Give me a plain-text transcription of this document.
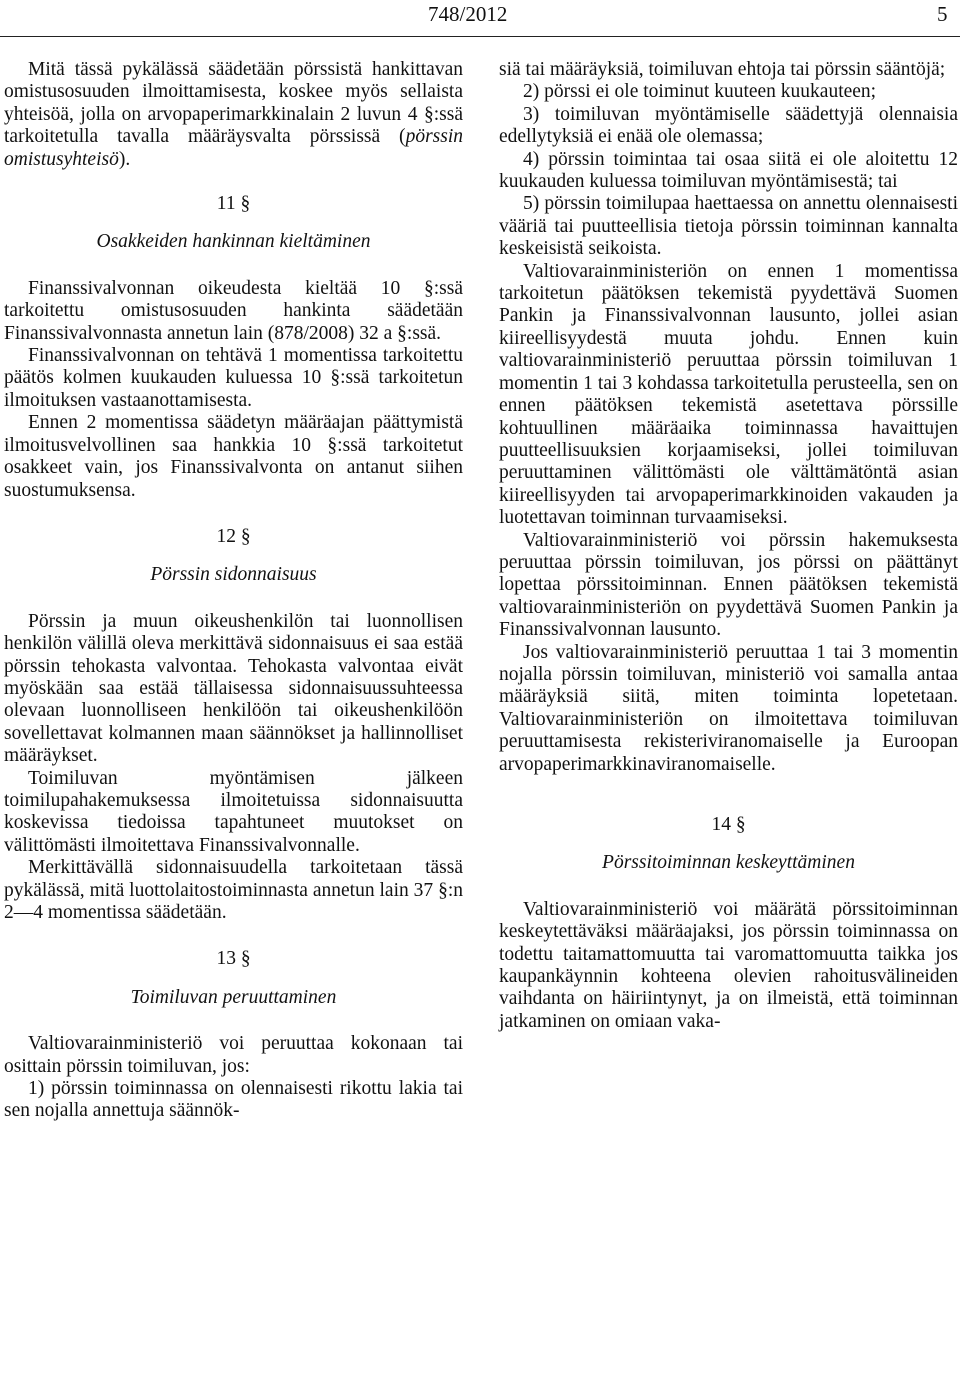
748/2012	5

Mitä tässä pykälässä säädetään pörssistä hankittavan omistusosuuden ilmoittamisesta, koskee myös sellaista yhteisöä, jolla on arvopaperimarkkinalain 2 luvun 4 §:ssä tarkoitetulla tavalla määräysvalta pörssissä (pörssin omistusyhteisö).

11 §
Osakkeiden hankinnan kieltäminen

Finanssivalvonnan oikeudesta kieltää 10 §:ssä tarkoitettu omistusosuuden hankinta säädetään Finanssivalvonnasta annetun lain (878/2008) 32 a §:ssä.

Finanssivalvonnan on tehtävä 1 momentissa tarkoitettu päätös kolmen kuukauden kuluessa 10 §:ssä tarkoitetun ilmoituksen vastaanottamisesta.

Ennen 2 momentissa säädetyn määräajan päättymistä ilmoitusvelvollinen saa hankkia 10 §:ssä tarkoitetut osakkeet vain, jos Finanssivalvonta on antanut siihen suostumuksensa.

12 §
Pörssin sidonnaisuus

Pörssin ja muun oikeushenkilön tai luonnollisen henkilön välillä oleva merkittävä sidonnaisuus ei saa estää pörssin tehokasta valvontaa. Tehokasta valvontaa eivät myöskään saa estää tällaisessa sidonnaisuussuhteessa olevaan luonnolliseen henkilöön tai oikeushenkilöön sovellettavat kolmannen maan säännökset ja hallinnolliset määräykset.

Toimiluvan myöntämisen jälkeen toimilupahakemuksessa ilmoitetuissa sidonnaisuutta koskevissa tiedoissa tapahtuneet muutokset on välittömästi ilmoitettava Finanssivalvonnalle.

Merkittävällä sidonnaisuudella tarkoitetaan tässä pykälässä, mitä luottolaitostoiminnasta annetun lain 37 §:n 2—4 momentissa säädetään.

13 §
Toimiluvan peruuttaminen

Valtiovarainministeriö voi peruuttaa kokonaan tai osittain pörssin toimiluvan, jos:

1) pörssin toiminnassa on olennaisesti rikottu lakia tai sen nojalla annettuja säännök-

siä tai määräyksiä, toimiluvan ehtoja tai pörssin sääntöjä;

2) pörssi ei ole toiminut kuuteen kuukauteen;

3) toimiluvan myöntämiselle säädettyjä olennaisia edellytyksiä ei enää ole olemassa;

4) pörssin toimintaa tai osaa siitä ei ole aloitettu 12 kuukauden kuluessa toimiluvan myöntämisestä; tai

5) pörssin toimilupaa haettaessa on annettu olennaisesti vääriä tai puutteellisia tietoja pörssin toiminnan kannalta keskeisistä seikoista.

Valtiovarainministeriön on ennen 1 momentissa tarkoitetun päätöksen tekemistä pyydettävä Suomen Pankin ja Finanssivalvonnan lausunto, jollei asian kiireellisyydestä muuta johdu. Ennen kuin valtiovarainministeriö peruuttaa pörssin toimiluvan 1 momentin 1 tai 3 kohdassa tarkoitetulla perusteella, sen on ennen päätöksen tekemistä asetettava pörssille kohtuullinen määräaika toiminnassa havaittujen puutteellisuuksien korjaamiseksi, jollei toimiluvan peruuttaminen välittömästi ole välttämätöntä asian kiireellisyyden tai arvopaperimarkkinoiden vakauden ja luotettavan toiminnan turvaamiseksi.

Valtiovarainministeriö voi pörssin hakemuksesta peruuttaa pörssin toimiluvan, jos pörssi on päättänyt lopettaa pörssitoiminnan. Ennen päätöksen tekemistä valtiovarainministeriön on pyydettävä Suomen Pankin ja Finanssivalvonnan lausunto.

Jos valtiovarainministeriö peruuttaa 1 tai 3 momentin nojalla pörssin toimiluvan, ministeriö voi samalla antaa määräyksiä siitä, miten toiminta lopetetaan. Valtiovarainministeriön on ilmoitettava toimiluvan peruuttamisesta rekisteriviranomaiselle ja Euroopan arvopaperimarkkinaviranomaiselle.

14 §
Pörssitoiminnan keskeyttäminen

Valtiovarainministeriö voi määrätä pörssitoiminnan keskeytettäväksi määräajaksi, jos pörssin toiminnassa on todettu taitamattomuutta tai varomattomuutta taikka jos kaupankäynnin kohteena olevien rahoitusvälineiden vaihdanta on häiriintynyt, ja on ilmeistä, että toiminnan jatkaminen on omiaan vaka-
